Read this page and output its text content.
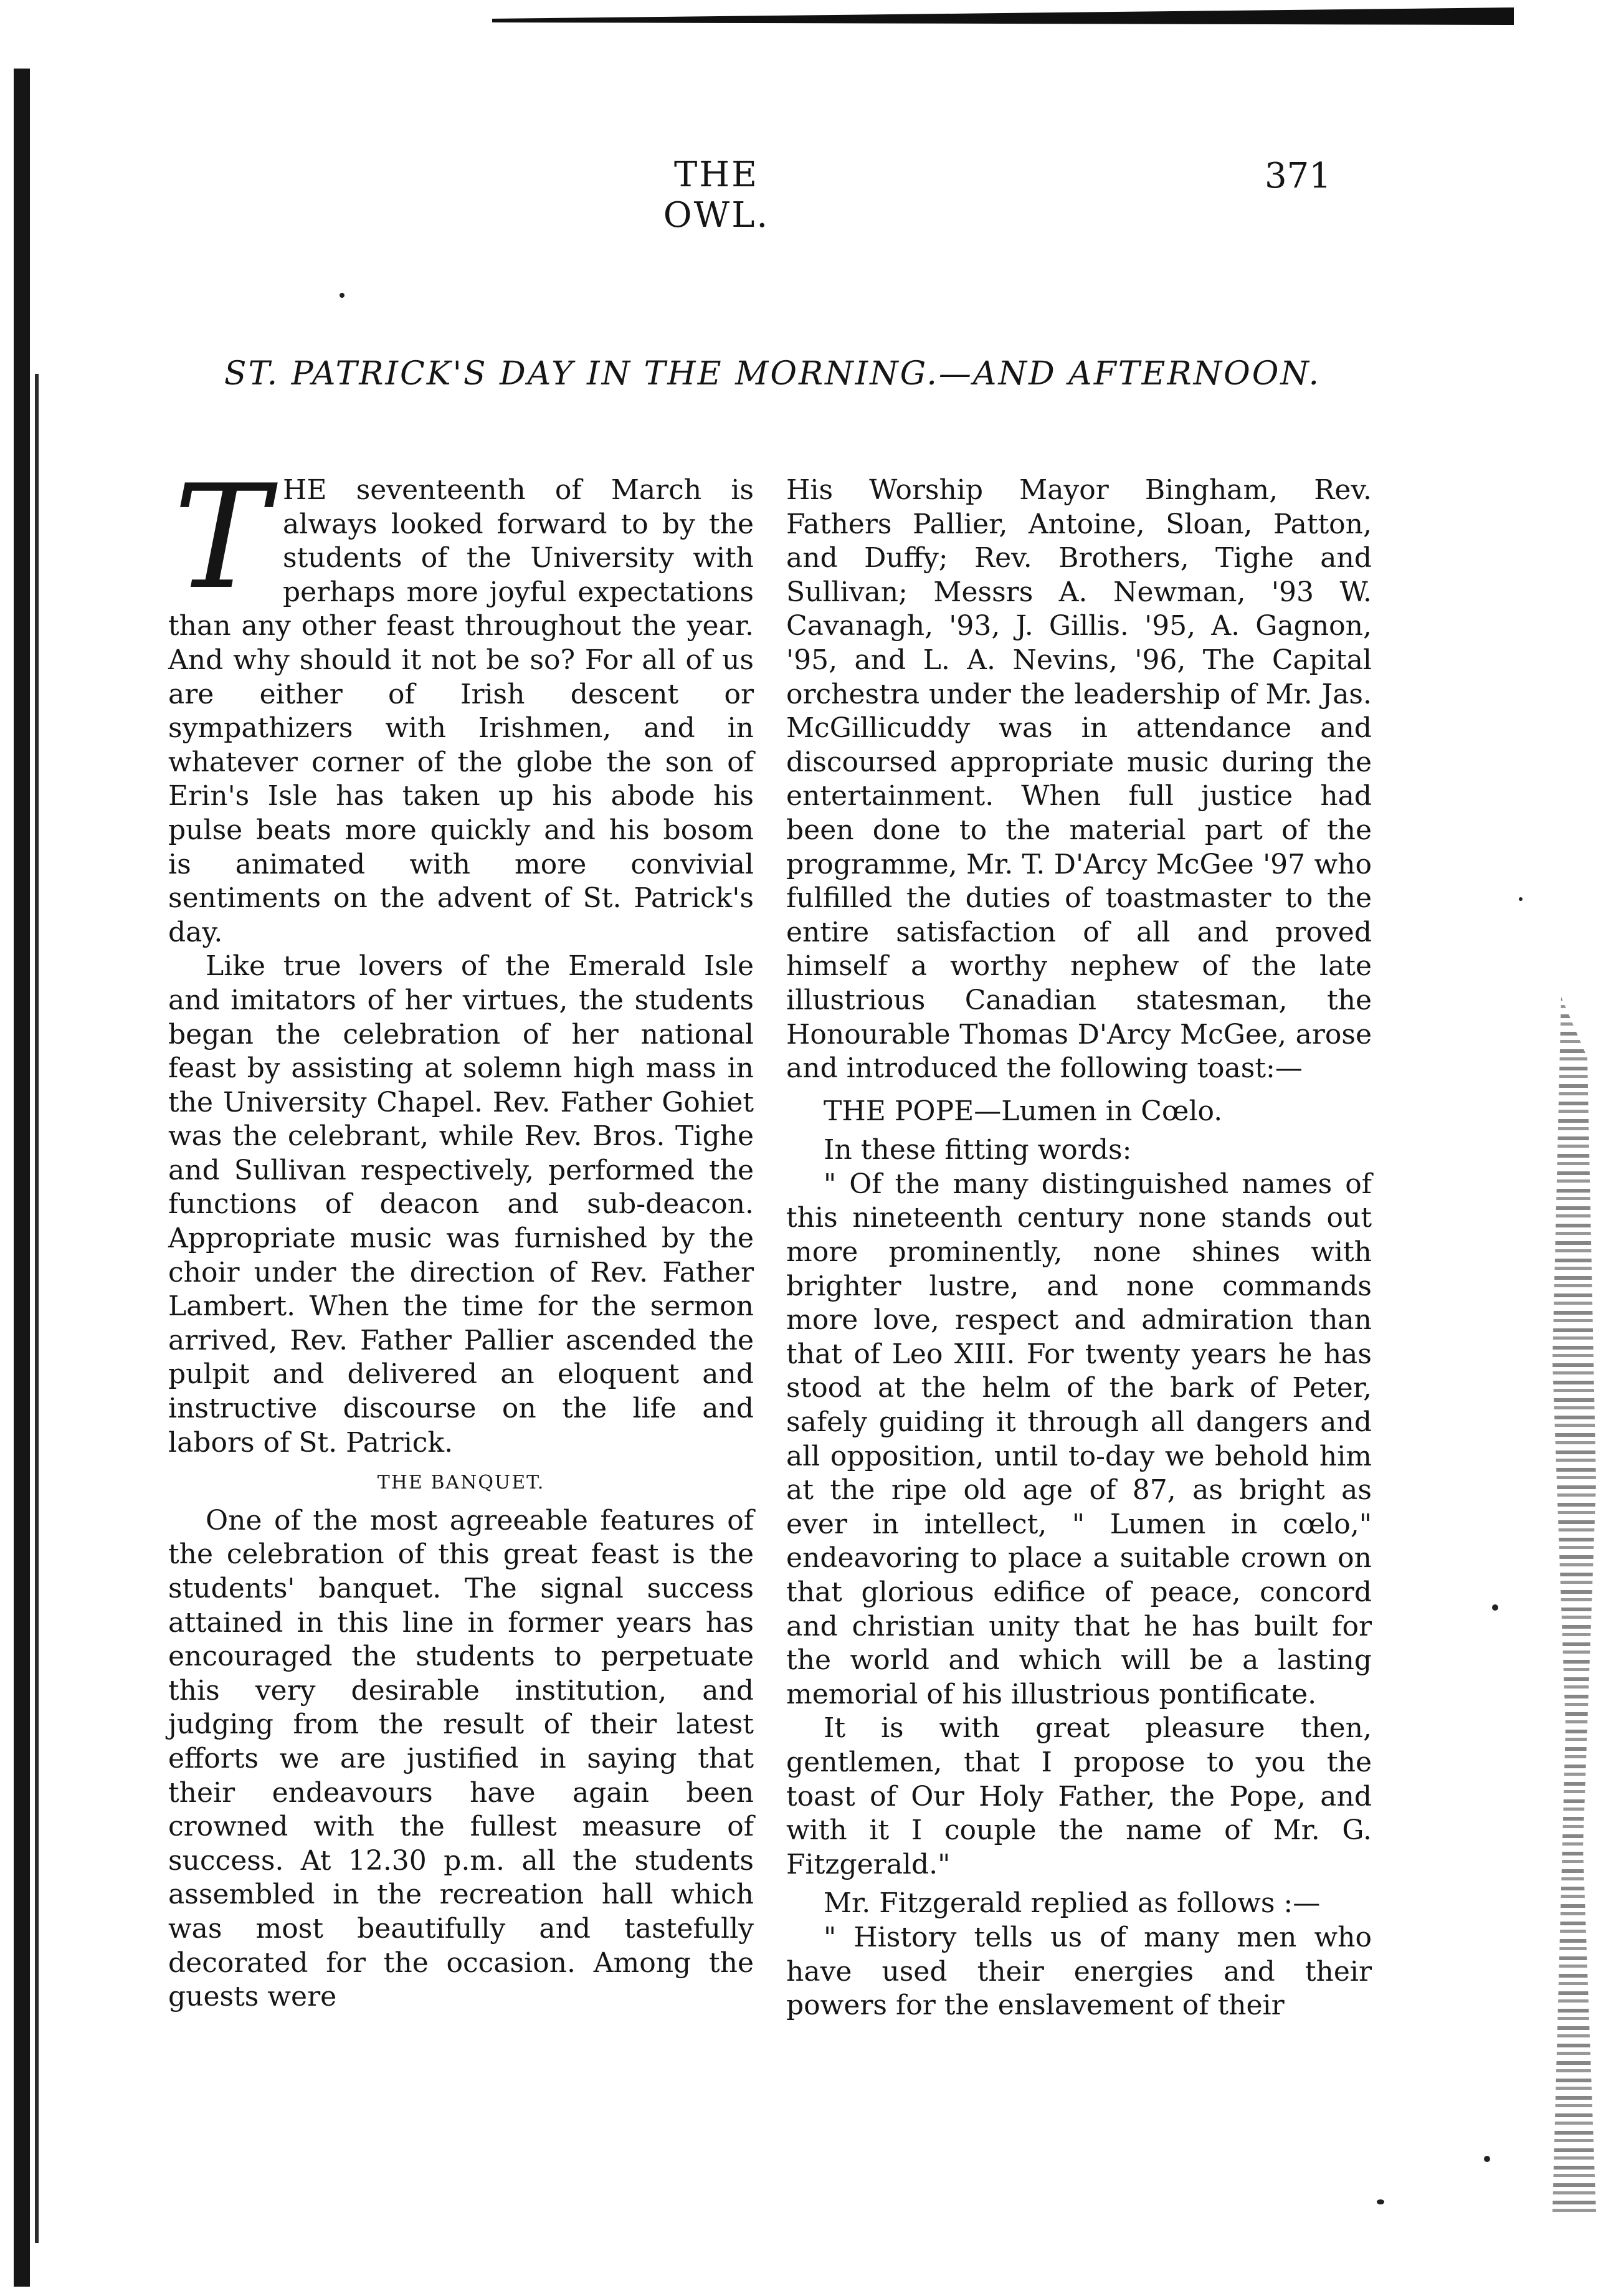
THE OWL.
371
ST. PATRICK'S DAY IN THE MORNING.—AND AFTERNOON.
T HE seventeenth of March is always looked forward to by the students of the University with perhaps more joyful expectations than any other feast throughout the year. And why should it not be so? For all of us are either of Irish descent or sympathizers with Irishmen, and in whatever corner of the globe the son of Erin's Isle has taken up his abode his pulse beats more quickly and his bosom is animated with more convivial sentiments on the advent of St. Patrick's day.

Like true lovers of the Emerald Isle and imitators of her virtues, the students began the celebration of her national feast by assisting at solemn high mass in the University Chapel. Rev. Father Gohiet was the celebrant, while Rev. Bros. Tighe and Sullivan respectively, performed the functions of deacon and sub-deacon. Appropriate music was furnished by the choir under the direction of Rev. Father Lambert. When the time for the sermon arrived, Rev. Father Pallier ascended the pulpit and delivered an eloquent and instructive discourse on the life and labors of St. Patrick.

THE BANQUET.

One of the most agreeable features of the celebration of this great feast is the students' banquet. The signal success attained in this line in former years has encouraged the students to perpetuate this very desirable institution, and judging from the result of their latest efforts we are justified in saying that their endeavours have again been crowned with the fullest measure of success. At 12.30 p.m. all the students assembled in the recreation hall which was most beautifully and tastefully decorated for the occasion. Among the guests were

His Worship Mayor Bingham, Rev. Fathers Pallier, Antoine, Sloan, Patton, and Duffy; Rev. Brothers, Tighe and Sullivan; Messrs A. Newman, '93 W. Cavanagh, '93, J. Gillis. '95, A. Gagnon, '95, and L. A. Nevins, '96, The Capital orchestra under the leadership of Mr. Jas. McGillicuddy was in attendance and discoursed appropriate music during the entertainment. When full justice had been done to the material part of the programme, Mr. T. D'Arcy McGee '97 who fulfilled the duties of toastmaster to the entire satisfaction of all and proved himself a worthy nephew of the late illustrious Canadian statesman, the Honourable Thomas D'Arcy McGee, arose and introduced the following toast:—

THE POPE—Lumen in Cœlo.

In these fitting words:

" Of the many distinguished names of this nineteenth century none stands out more prominently, none shines with brighter lustre, and none commands more love, respect and admiration than that of Leo XIII. For twenty years he has stood at the helm of the bark of Peter, safely guiding it through all dangers and all opposition, until to-day we behold him at the ripe old age of 87, as bright as ever in intellect, " Lumen in cœlo," endeavoring to place a suitable crown on that glorious edifice of peace, concord and christian unity that he has built for the world and which will be a lasting memorial of his illustrious pontificate.

It is with great pleasure then, gentlemen, that I propose to you the toast of Our Holy Father, the Pope, and with it I couple the name of Mr. G. Fitzgerald."

Mr. Fitzgerald replied as follows :—

" History tells us of many men who have used their energies and their powers for the enslavement of their
